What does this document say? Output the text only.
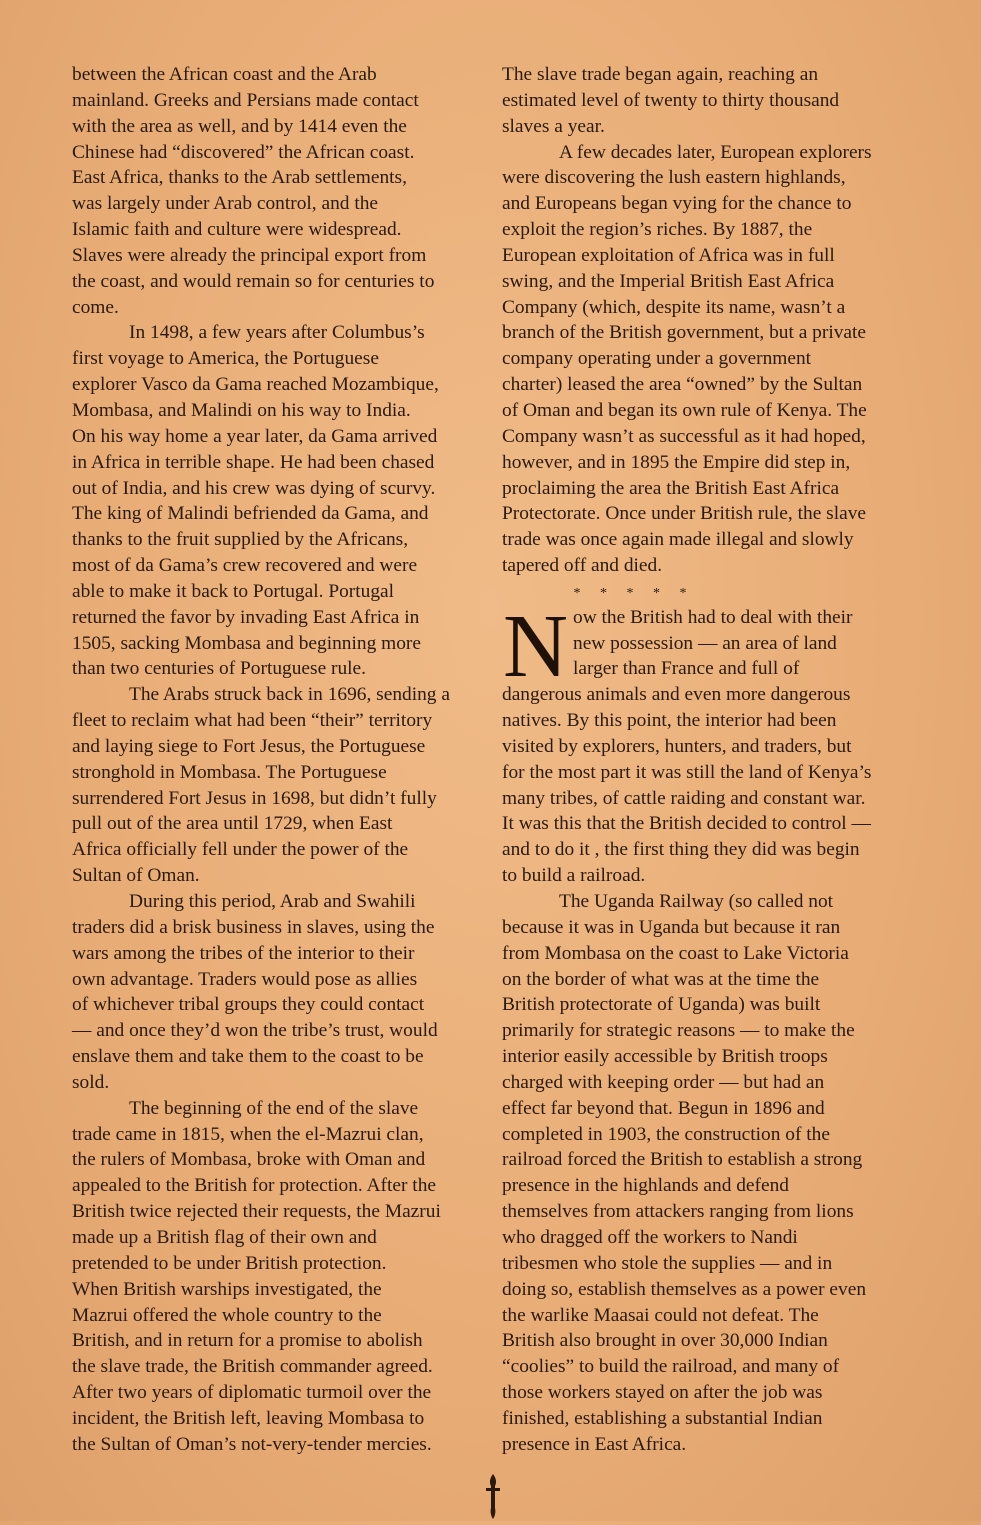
between the African coast and the Arab
mainland. Greeks and Persians made contact
with the area as well, and by 1414 even the
Chinese had “discovered” the African coast.
East Africa, thanks to the Arab settlements,
was largely under Arab control, and the
Islamic faith and culture were widespread.
Slaves were already the principal export from
the coast, and would remain so for centuries to
come.
In 1498, a few years after Columbus’s
first voyage to America, the Portuguese
explorer Vasco da Gama reached Mozambique,
Mombasa, and Malindi on his way to India.
On his way home a year later, da Gama arrived
in Africa in terrible shape. He had been chased
out of India, and his crew was dying of scurvy.
The king of Malindi befriended da Gama, and
thanks to the fruit supplied by the Africans,
most of da Gama’s crew recovered and were
able to make it back to Portugal. Portugal
returned the favor by invading East Africa in
1505, sacking Mombasa and beginning more
than two centuries of Portuguese rule.
The Arabs struck back in 1696, sending a
fleet to reclaim what had been “their” territory
and laying siege to Fort Jesus, the Portuguese
stronghold in Mombasa. The Portuguese
surrendered Fort Jesus in 1698, but didn’t fully
pull out of the area until 1729, when East
Africa officially fell under the power of the
Sultan of Oman.
During this period, Arab and Swahili
traders did a brisk business in slaves, using the
wars among the tribes of the interior to their
own advantage. Traders would pose as allies
of whichever tribal groups they could contact
— and once they’d won the tribe’s trust, would
enslave them and take them to the coast to be
sold.
The beginning of the end of the slave
trade came in 1815, when the el-Mazrui clan,
the rulers of Mombasa, broke with Oman and
appealed to the British for protection. After the
British twice rejected their requests, the Mazrui
made up a British flag of their own and
pretended to be under British protection.
When British warships investigated, the
Mazrui offered the whole country to the
British, and in return for a promise to abolish
the slave trade, the British commander agreed.
After two years of diplomatic turmoil over the
incident, the British left, leaving Mombasa to
the Sultan of Oman’s not-very-tender mercies.
The slave trade began again, reaching an
estimated level of twenty to thirty thousand
slaves a year.
A few decades later, European explorers
were discovering the lush eastern highlands,
and Europeans began vying for the chance to
exploit the region’s riches. By 1887, the
European exploitation of Africa was in full
swing, and the Imperial British East Africa
Company (which, despite its name, wasn’t a
branch of the British government, but a private
company operating under a government
charter) leased the area “owned” by the Sultan
of Oman and began its own rule of Kenya. The
Company wasn’t as successful as it had hoped,
however, and in 1895 the Empire did step in,
proclaiming the area the British East Africa
Protectorate. Once under British rule, the slave
trade was once again made illegal and slowly
tapered off and died.
* * * * *
N ow the British had to deal with their
new possession — an area of land
larger than France and full of
dangerous animals and even more dangerous
natives. By this point, the interior had been
visited by explorers, hunters, and traders, but
for the most part it was still the land of Kenya’s
many tribes, of cattle raiding and constant war.
It was this that the British decided to control —
and to do it , the first thing they did was begin
to build a railroad.
The Uganda Railway (so called not
because it was in Uganda but because it ran
from Mombasa on the coast to Lake Victoria
on the border of what was at the time the
British protectorate of Uganda) was built
primarily for strategic reasons — to make the
interior easily accessible by British troops
charged with keeping order — but had an
effect far beyond that. Begun in 1896 and
completed in 1903, the construction of the
railroad forced the British to establish a strong
presence in the highlands and defend
themselves from attackers ranging from lions
who dragged off the workers to Nandi
tribesmen who stole the supplies — and in
doing so, establish themselves as a power even
the warlike Maasai could not defeat. The
British also brought in over 30,000 Indian
“coolies” to build the railroad, and many of
those workers stayed on after the job was
finished, establishing a substantial Indian
presence in East Africa.
